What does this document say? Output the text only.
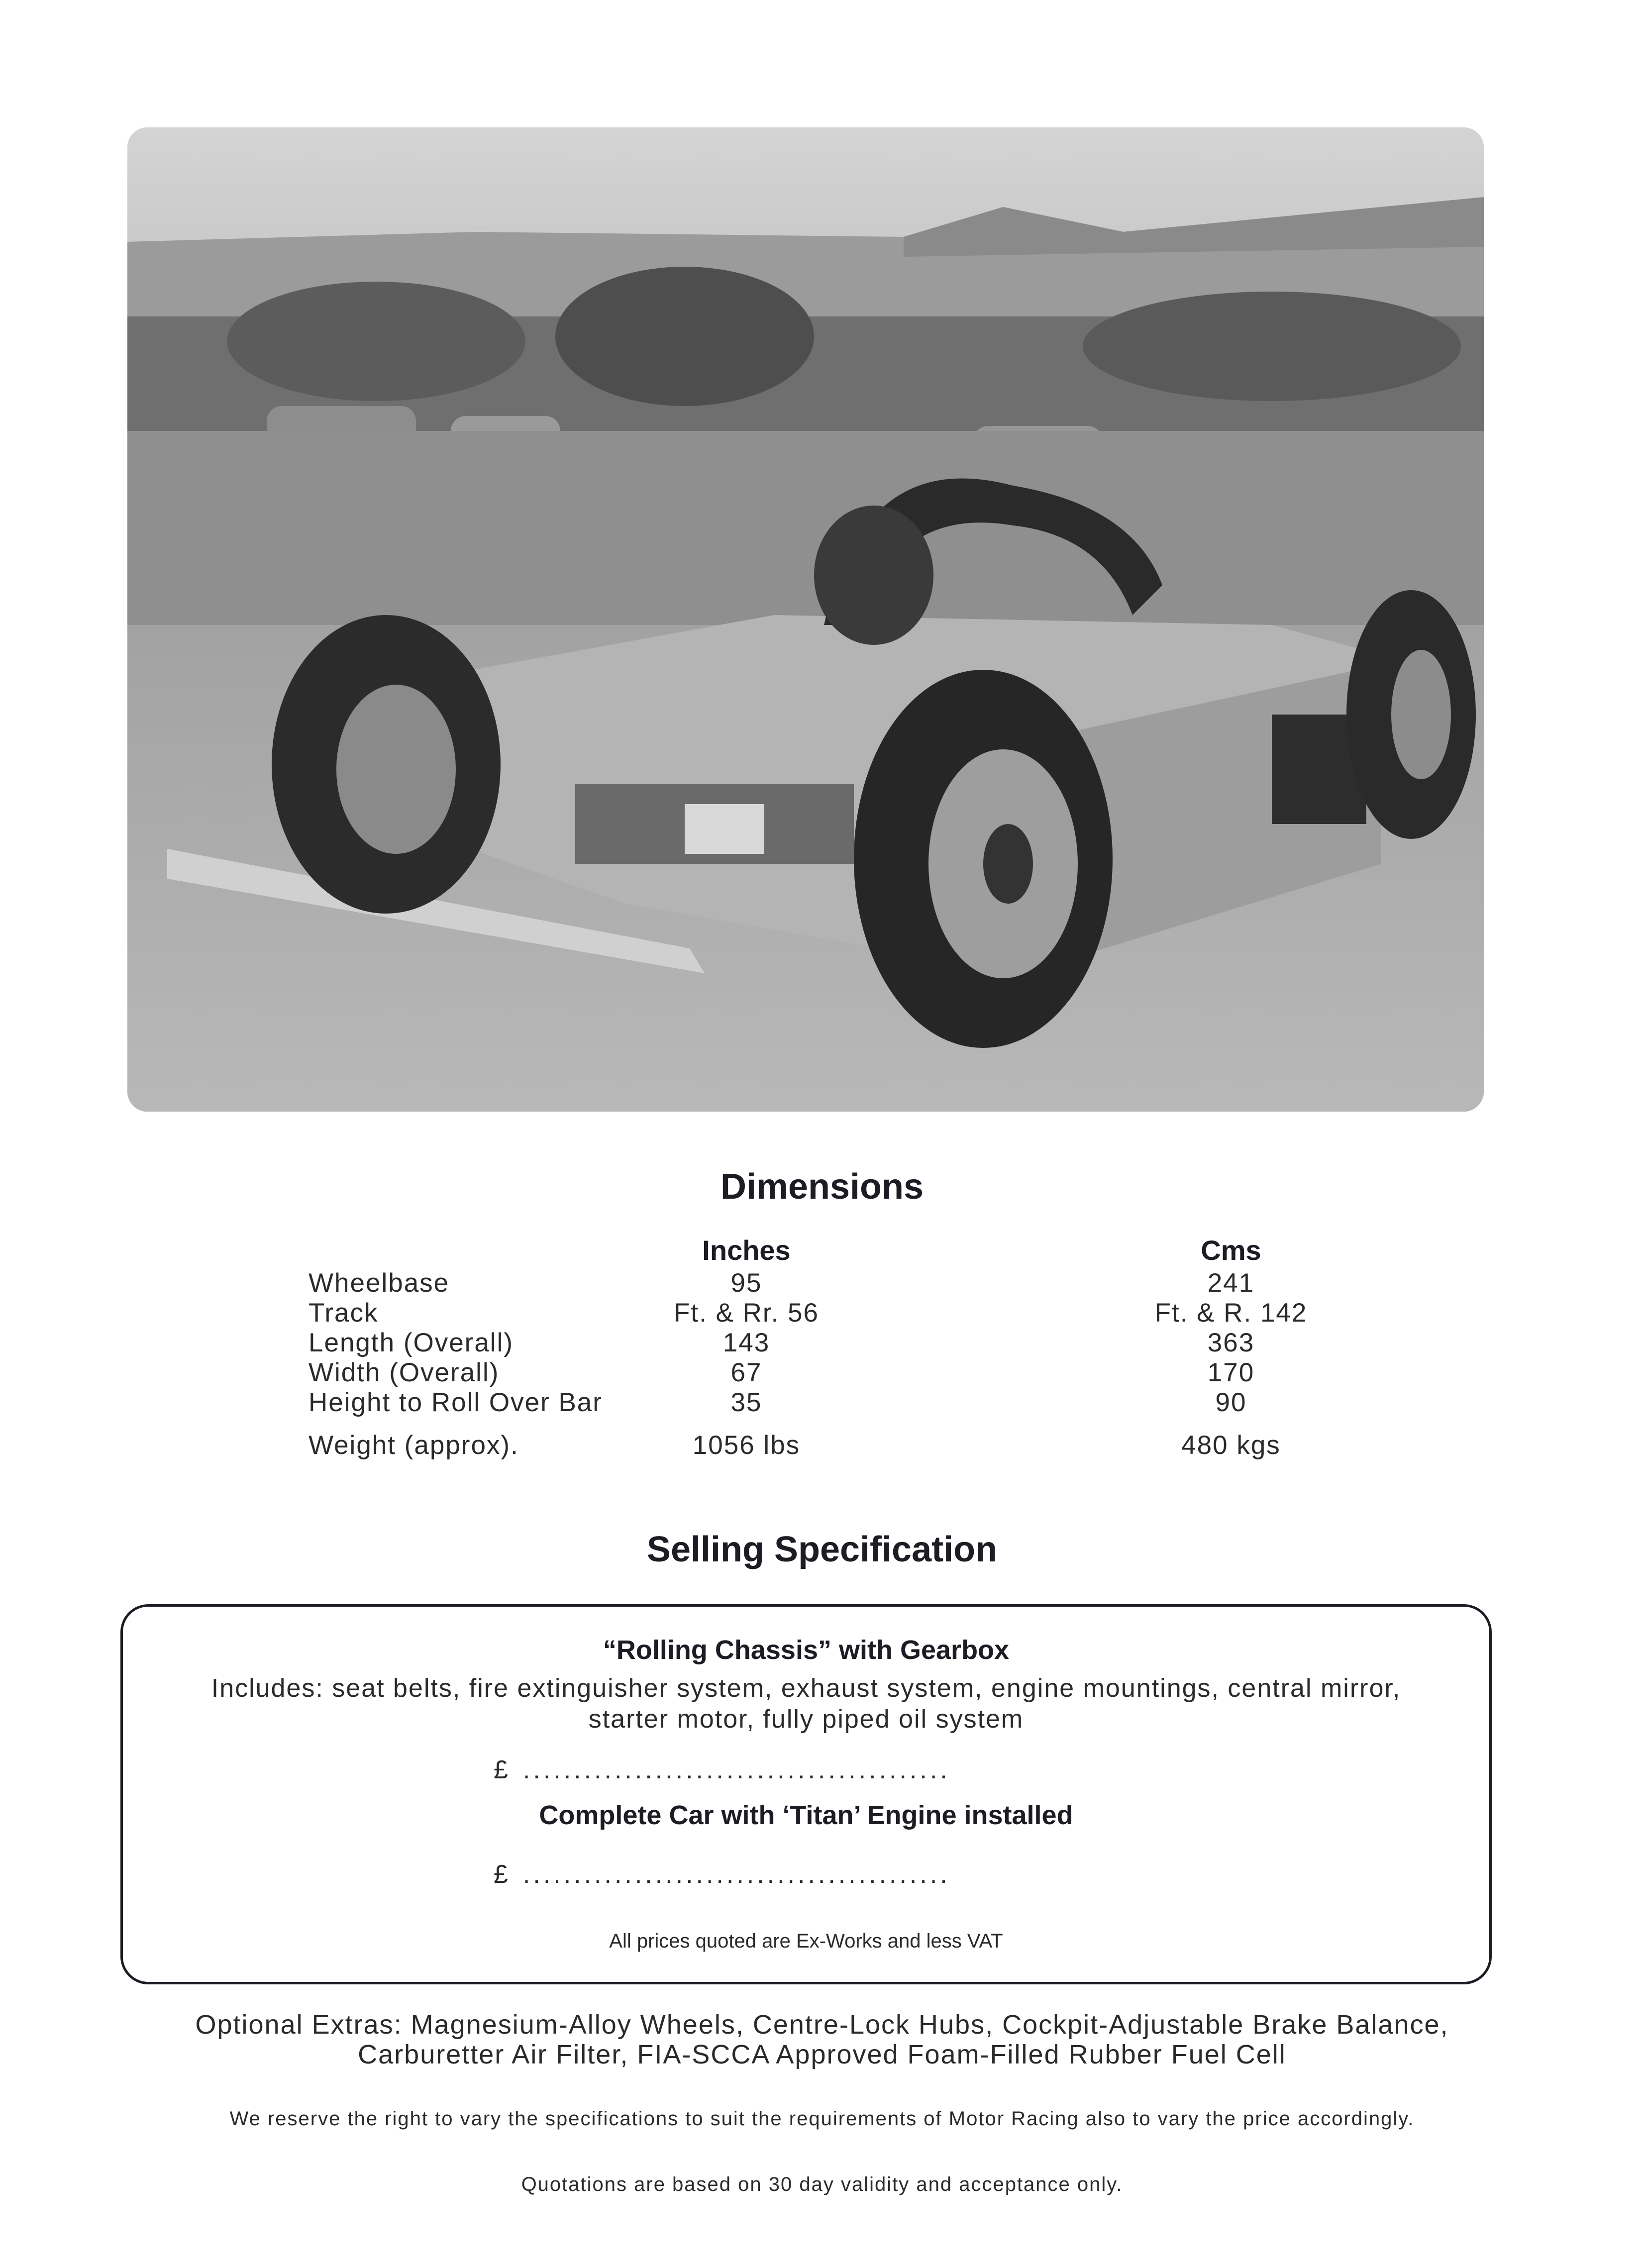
Dimensions
Inches	Cms
Wheelbase	95	241
Track	Ft. & Rr. 56	Ft. & R. 142
Length (Overall)	143	363
Width (Overall)	67	170
Height to Roll Over Bar	35	90
Weight (approx).	1056 lbs	480 kgs
Selling Specification
“Rolling Chassis” with Gearbox
Includes: seat belts, fire extinguisher system, exhaust system, engine mountings, central mirror,
starter motor, fully piped oil system
£ ..........................................
Complete Car with ‘Titan’ Engine installed
£ ..........................................
All prices quoted are Ex-Works and less VAT
Optional Extras: Magnesium-Alloy Wheels, Centre-Lock Hubs, Cockpit-Adjustable Brake Balance,
Carburetter Air Filter, FIA-SCCA Approved Foam-Filled Rubber Fuel Cell
We reserve the right to vary the specifications to suit the requirements of Motor Racing also to vary the price accordingly.
Quotations are based on 30 day validity and acceptance only.
